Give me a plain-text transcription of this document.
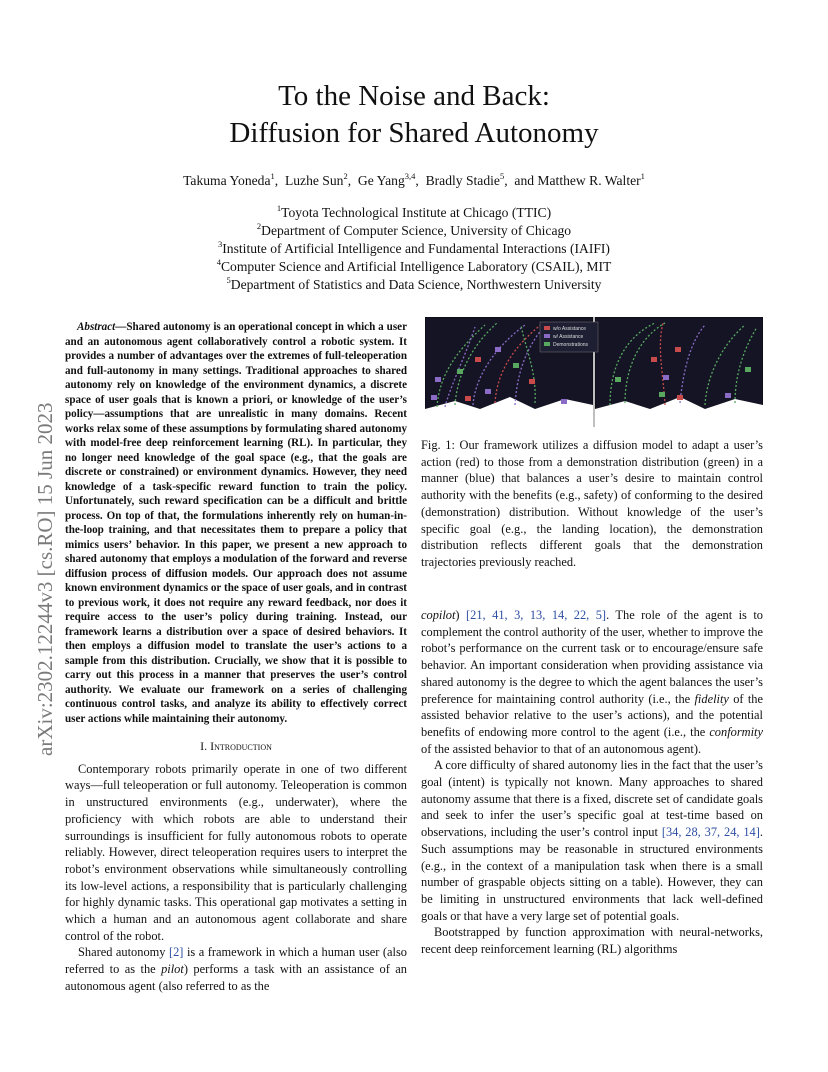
arXiv:2302.12244v3 [cs.RO] 15 Jun 2023
To the Noise and Back:
Diffusion for Shared Autonomy
Takuma Yoneda$^1$,  Luzhe Sun$^2$,  Ge Yang$^{3,4}$,  Bradly Stadie$^5$,  and Matthew R. Walter$^1$
$^1$Toyota Technological Institute at Chicago (TTIC)
$^2$Department of Computer Science, University of Chicago
$^3$Institute of Artificial Intelligence and Fundamental Interactions (IAIFI)
$^4$Computer Science and Artificial Intelligence Laboratory (CSAIL), MIT
$^5$Department of Statistics and Data Science, Northwestern University

Abstract—Shared autonomy is an operational concept in which a user and an autonomous agent collaboratively control a robotic system. It provides a number of advantages over the extremes of full-teleoperation and full-autonomy in many settings. Traditional approaches to shared autonomy rely on knowledge of the environment dynamics, a discrete space of user goals that is known a priori, or knowledge of the user’s policy—assumptions that are unrealistic in many domains. Recent works relax some of these assumptions by formulating shared autonomy with model-free deep reinforcement learning (RL). In particular, they no longer need knowledge of the goal space (e.g., that the goals are discrete or constrained) or environment dynamics. However, they need knowledge of a task-specific reward function to train the policy. Unfortunately, such reward specification can be a difficult and brittle process. On top of that, the formulations inherently rely on human-in-the-loop training, and that necessitates them to prepare a policy that mimics users’ behavior. In this paper, we present a new approach to shared autonomy that employs a modulation of the forward and reverse diffusion process of diffusion models. Our approach does not assume known environment dynamics or the space of user goals, and in contrast to previous work, it does not require any reward feedback, nor does it require access to the user’s policy during training. Instead, our framework learns a distribution over a space of desired behaviors. It then employs a diffusion model to translate the user’s actions to a sample from this distribution. Crucially, we show that it is possible to carry out this process in a manner that preserves the user’s control authority. We evaluate our framework on a series of challenging continuous control tasks, and analyze its ability to effectively correct user actions while maintaining their autonomy.

I. Introduction

Contemporary robots primarily operate in one of two different ways—full teleoperation or full autonomy. Teleoperation is common in unstructured environments (e.g., underwater), where the proficiency with which robots are able to understand their surroundings is insufficient for fully autonomous robots to operate reliably. However, direct teleoperation requires users to interpret the robot’s environment observations while simultaneously controlling its low-level actions, a responsibility that is particularly challenging for highly dynamic tasks. This operational gap motivates a setting in which a human and an autonomous agent collaborate and share control of the robot.

Shared autonomy [2] is a framework in which a human user (also referred to as the pilot) performs a task with an assistance of an autonomous agent (also referred to as the

w/o Assistance
w/ Assistance
Demonstrations

Fig. 1: Our framework utilizes a diffusion model to adapt a user’s action (red) to those from a demonstration distribution (green) in a manner (blue) that balances a user’s desire to maintain control authority with the benefits (e.g., safety) of conforming to the desired (demonstration) distribution. Without knowledge of the user’s specific goal (e.g., the landing location), the demonstration distribution reflects different goals that the demonstration trajectories previously reached.

copilot) [21, 41, 3, 13, 14, 22, 5]. The role of the agent is to complement the control authority of the user, whether to improve the robot’s performance on the current task or to encourage/ensure safe behavior. An important consideration when providing assistance via shared autonomy is the degree to which the agent balances the user’s preference for maintaining control authority (i.e., the fidelity of the assisted behavior relative to the user’s actions), and the potential benefits of endowing more control to the agent (i.e., the conformity of the assisted behavior to that of an autonomous agent).

A core difficulty of shared autonomy lies in the fact that the user’s goal (intent) is typically not known. Many approaches to shared autonomy assume that there is a fixed, discrete set of candidate goals and seek to infer the user’s specific goal at test-time based on observations, including the user’s control input [34, 28, 37, 24, 14]. Such assumptions may be reasonable in structured environments (e.g., in the context of a manipulation task when there is a small number of graspable objects sitting on a table). However, they can be limiting in unstructured environments that lack well-defined goals or that have a very large set of potential goals.

Bootstrapped by function approximation with neural-networks, recent deep reinforcement learning (RL) algorithms
